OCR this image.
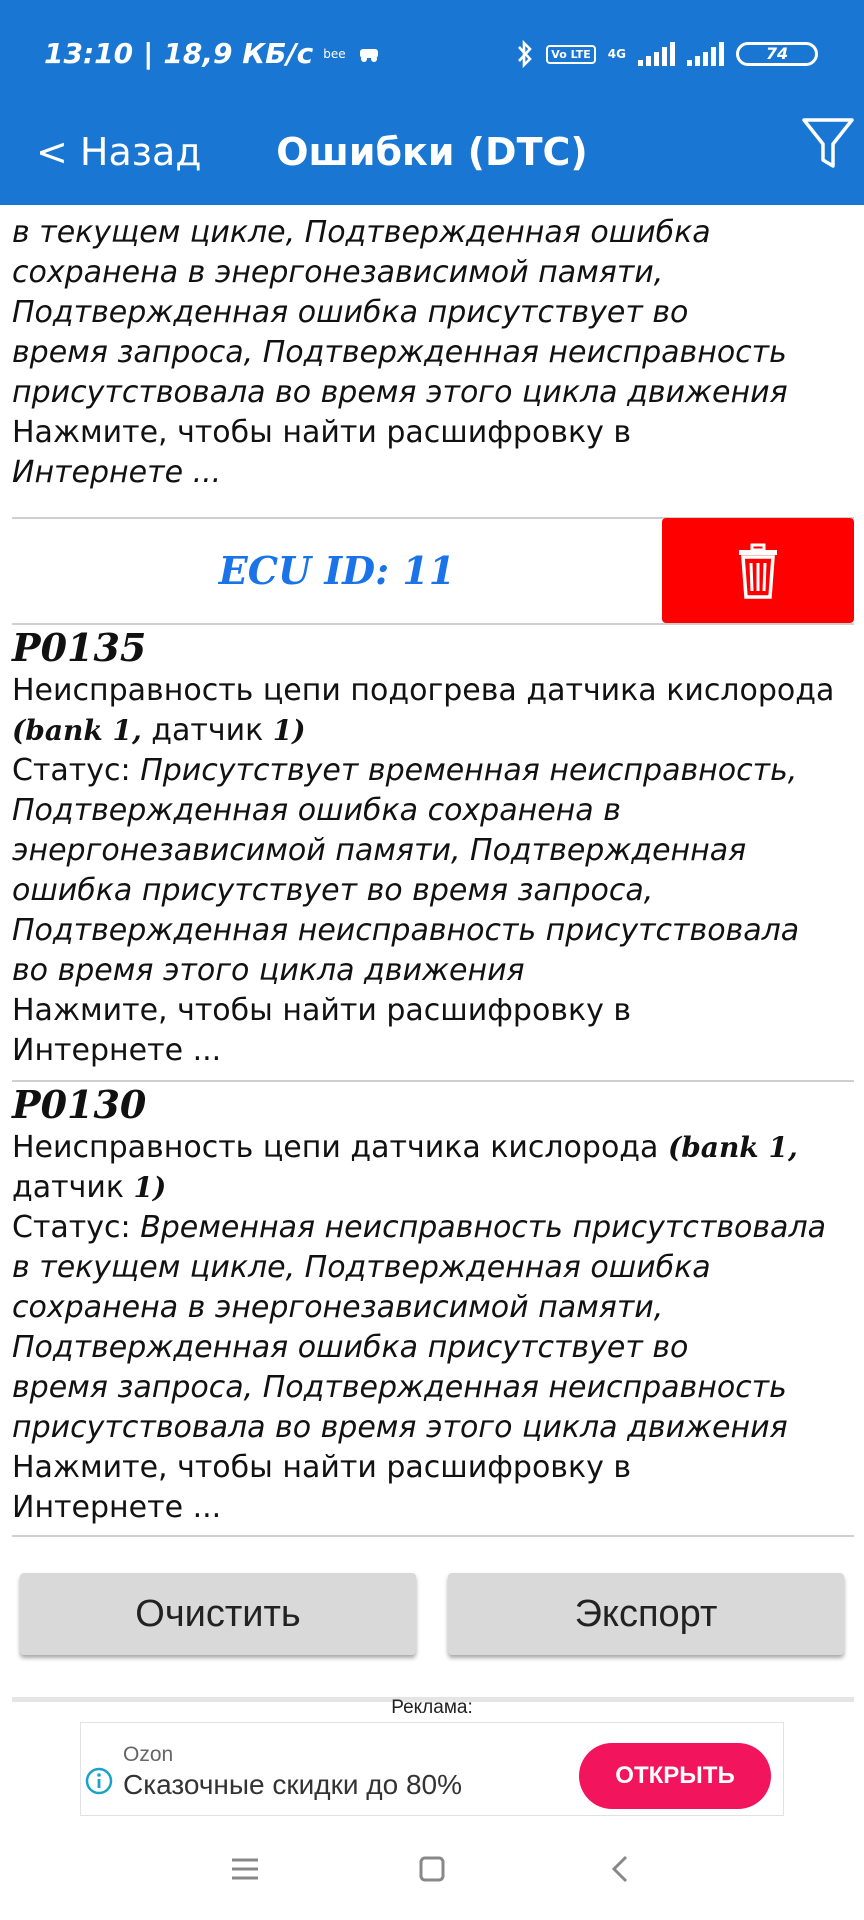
13:10 | 18,9 КБ/с bee	Vo LTE	4G	74
< Назад	Ошибки (DTC)
в текущем цикле, Подтвержденная ошибка
сохранена в энергонезависимой памяти,
Подтвержденная ошибка присутствует во
время запроса, Подтвержденная неисправность
присутствовала во время этого цикла движения
Нажмите, чтобы найти расшифровку в
Интернете ...
ECU ID: 11
P0135
Неисправность цепи подогрева датчика кислорода
(bank 1, датчик 1)
Статус: Присутствует временная неисправность,
Подтвержденная ошибка сохранена в
энергонезависимой памяти, Подтвержденная
ошибка присутствует во время запроса,
Подтвержденная неисправность присутствовала
во время этого цикла движения
Нажмите, чтобы найти расшифровку в
Интернете ...
P0130
Неисправность цепи датчика кислорода (bank 1,
датчик 1)
Статус: Временная неисправность присутствовала
в текущем цикле, Подтвержденная ошибка
сохранена в энергонезависимой памяти,
Подтвержденная ошибка присутствует во
время запроса, Подтвержденная неисправность
присутствовала во время этого цикла движения
Нажмите, чтобы найти расшифровку в
Интернете ...
Очистить	Экспорт
Реклама:
Ozon
Сказочные скидки до 80%	ОТКРЫТЬ
